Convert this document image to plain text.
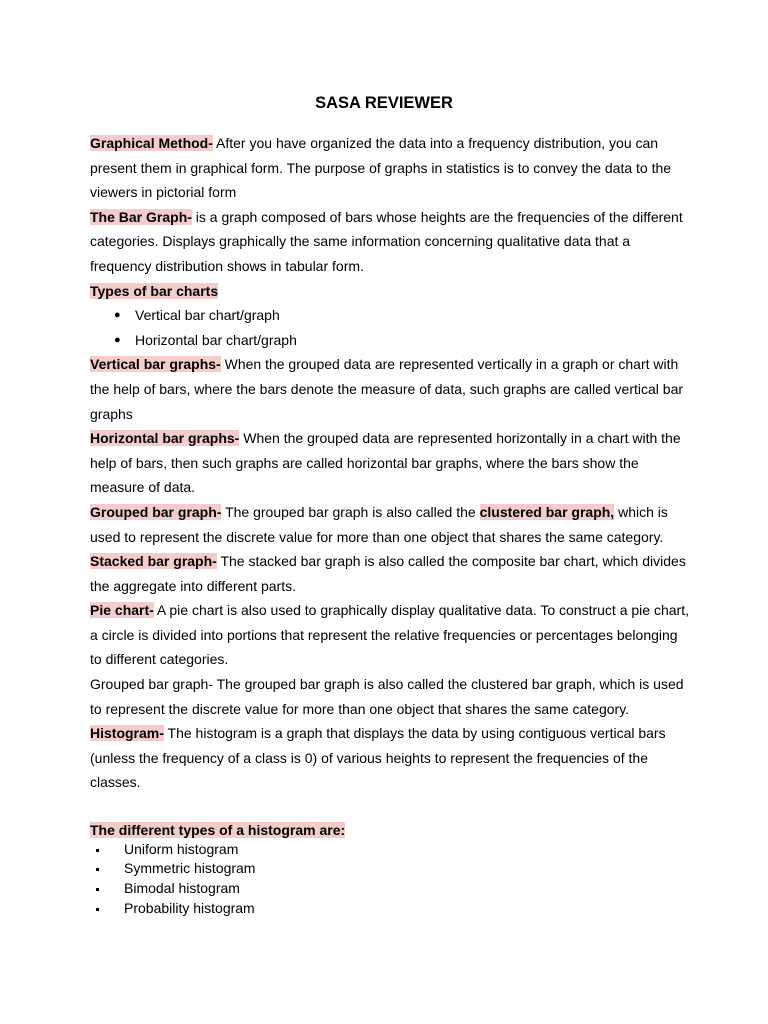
SASA REVIEWER

Graphical Method- After you have organized the data into a frequency distribution, you can present them in graphical form. The purpose of graphs in statistics is to convey the data to the viewers in pictorial form

The Bar Graph- is a graph composed of bars whose heights are the frequencies of the different categories. Displays graphically the same information concerning qualitative data that a frequency distribution shows in tabular form.

Types of bar charts

● Vertical bar chart/graph
● Horizontal bar chart/graph

Vertical bar graphs- When the grouped data are represented vertically in a graph or chart with the help of bars, where the bars denote the measure of data, such graphs are called vertical bar graphs

Horizontal bar graphs- When the grouped data are represented horizontally in a chart with the help of bars, then such graphs are called horizontal bar graphs, where the bars show the measure of data.

Grouped bar graph- The grouped bar graph is also called the clustered bar graph, which is used to represent the discrete value for more than one object that shares the same category.

Stacked bar graph- The stacked bar graph is also called the composite bar chart, which divides the aggregate into different parts.

Pie chart- A pie chart is also used to graphically display qualitative data. To construct a pie chart, a circle is divided into portions that represent the relative frequencies or percentages belonging to different categories.

Grouped bar graph- The grouped bar graph is also called the clustered bar graph, which is used to represent the discrete value for more than one object that shares the same category.

Histogram- The histogram is a graph that displays the data by using contiguous vertical bars (unless the frequency of a class is 0) of various heights to represent the frequencies of the classes.

The different types of a histogram are:

Uniform histogram
Symmetric histogram
Bimodal histogram
Probability histogram
